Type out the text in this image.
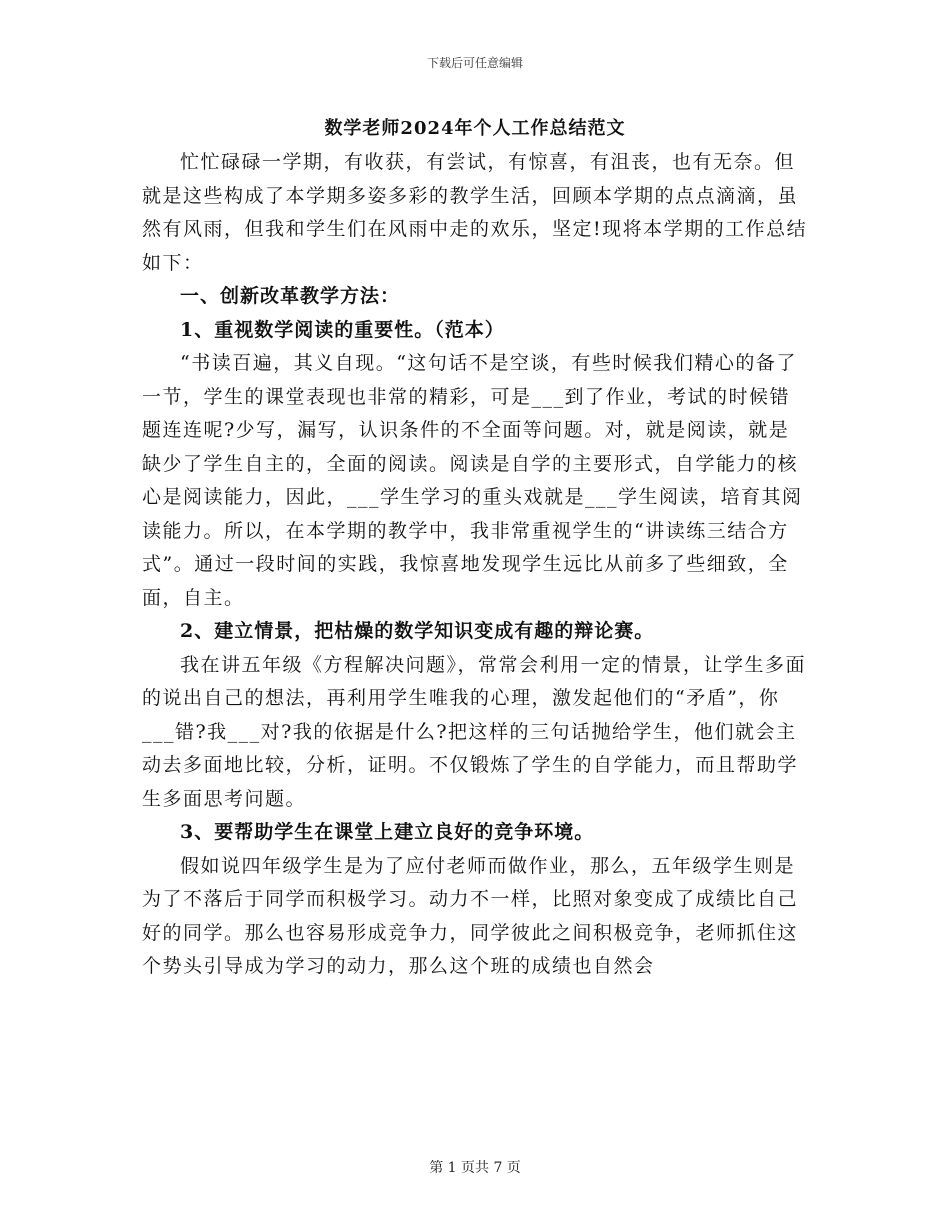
下载后可任意编辑
数学老师2024年个人工作总结范文

忙忙碌碌一学期，有收获，有尝试，有惊喜，有沮丧，也有无奈。但就是这些构成了本学期多姿多彩的教学生活，回顾本学期的点点滴滴，虽然有风雨，但我和学生们在风雨中走的欢乐，坚定!现将本学期的工作总结如下：

一、创新改革教学方法：

1、重视数学阅读的重要性。（范本）

“书读百遍，其义自现。“这句话不是空谈，有些时候我们精心的备了一节，学生的课堂表现也非常的精彩，可是___到了作业，考试的时候错题连连呢?少写，漏写，认识条件的不全面等问题。对，就是阅读，就是缺少了学生自主的，全面的阅读。阅读是自学的主要形式，自学能力的核心是阅读能力，因此，___学生学习的重头戏就是___学生阅读，培育其阅读能力。所以，在本学期的教学中，我非常重视学生的“讲读练三结合方式”。通过一段时间的实践，我惊喜地发现学生远比从前多了些细致，全面，自主。

2、建立情景，把枯燥的数学知识变成有趣的辩论赛。

我在讲五年级《方程解决问题》，常常会利用一定的情景，让学生多面的说出自己的想法，再利用学生唯我的心理，激发起他们的“矛盾”，你___错?我___对?我的依据是什么?把这样的三句话抛给学生，他们就会主动去多面地比较，分析，证明。不仅锻炼了学生的自学能力，而且帮助学生多面思考问题。

3、要帮助学生在课堂上建立良好的竞争环境。

假如说四年级学生是为了应付老师而做作业，那么，五年级学生则是为了不落后于同学而积极学习。动力不一样，比照对象变成了成绩比自己好的同学。那么也容易形成竞争力，同学彼此之间积极竞争，老师抓住这个势头引导成为学习的动力，那么这个班的成绩也自然会

第 1 页共 7 页
